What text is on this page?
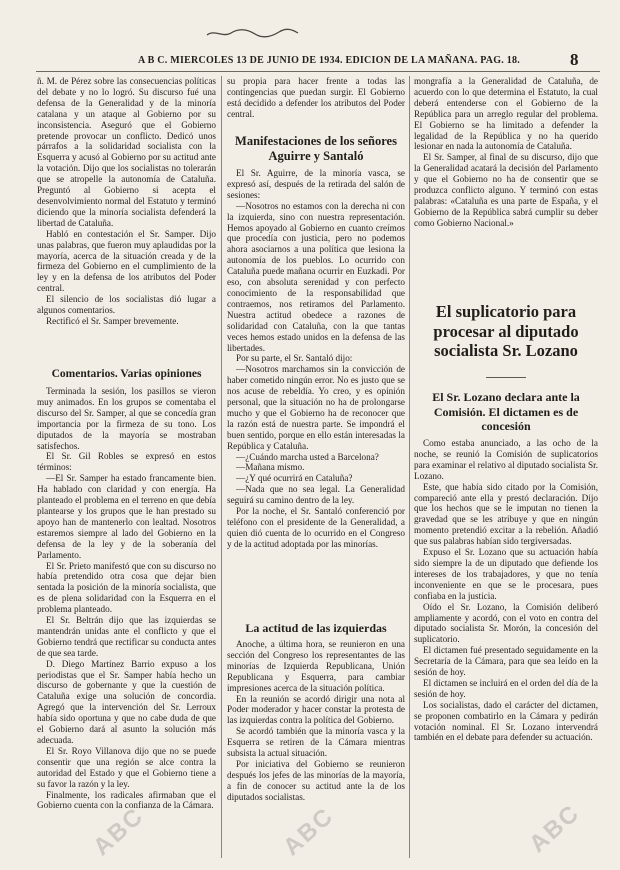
A B C. MIERCOLES 13 DE JUNIO DE 1934. EDICION DE LA MAÑANA. PAG. 18.	8

ñ. M. de Pérez sobre las consecuencias políticas del debate y no lo logró. Su discurso fué una defensa de la Generalidad y de la minoría catalana y un ataque al Gobierno por su inconsistencia. Aseguró que el Gobierno pretende provocar un conflicto. Dedicó unos párrafos a la solidaridad socialista con la Esquerra y acusó al Gobierno por su actitud ante la votación. Dijo que los socialistas no tolerarán que se atropelle la autonomía de Cataluña. Preguntó al Gobierno si acepta el desenvolvimiento normal del Estatuto y terminó diciendo que la minoría socialista defenderá la libertad de Cataluña.

Habló en contestación el Sr. Samper. Dijo unas palabras, que fueron muy aplaudidas por la mayoría, acerca de la situación creada y de la firmeza del Gobierno en el cumplimiento de la ley y en la defensa de los atributos del Poder central.

El silencio de los socialistas dió lugar a algunos comentarios.

Rectificó el Sr. Samper brevemente.

Comentarios. Varias opiniones

Terminada la sesión, los pasillos se vieron muy animados. En los grupos se comentaba el discurso del Sr. Samper, al que se concedía gran importancia por la firmeza de su tono. Los diputados de la mayoría se mostraban satisfechos.

El Sr. Gil Robles se expresó en estos términos:

—El Sr. Samper ha estado francamente bien. Ha hablado con claridad y con energía. Ha planteado el problema en el terreno en que debía plantearse y los grupos que le han prestado su apoyo han de mantenerlo con lealtad. Nosotros estaremos siempre al lado del Gobierno en la defensa de la ley y de la soberanía del Parlamento.

El Sr. Prieto manifestó que con su discurso no había pretendido otra cosa que dejar bien sentada la posición de la minoría socialista, que es de plena solidaridad con la Esquerra en el problema planteado.

El Sr. Beltrán dijo que las izquierdas se mantendrán unidas ante el conflicto y que el Gobierno tendrá que rectificar su conducta antes de que sea tarde.

D. Diego Martínez Barrio expuso a los periodistas que el Sr. Samper había hecho un discurso de gobernante y que la cuestión de Cataluña exige una solución de concordia. Agregó que la intervención del Sr. Lerroux había sido oportuna y que no cabe duda de que el Gobierno dará al asunto la solución más adecuada.

El Sr. Royo Villanova dijo que no se puede consentir que una región se alce contra la autoridad del Estado y que el Gobierno tiene a su favor la razón y la ley.

Finalmente, los radicales afirmaban que el Gobierno cuenta con la confianza de la Cámara.

su propia para hacer frente a todas las contingencias que puedan surgir. El Gobierno está decidido a defender los atributos del Poder central.

Manifestaciones de los señores Aguirre y Santaló

El Sr. Aguirre, de la minoría vasca, se expresó así, después de la retirada del salón de sesiones:

—Nosotros no estamos con la derecha ni con la izquierda, sino con nuestra representación. Hemos apoyado al Gobierno en cuanto creímos que procedía con justicia, pero no podemos ahora asociarnos a una política que lesiona la autonomía de los pueblos. Lo ocurrido con Cataluña puede mañana ocurrir en Euzkadi. Por eso, con absoluta serenidad y con perfecto conocimiento de la responsabilidad que contraemos, nos retiramos del Parlamento. Nuestra actitud obedece a razones de solidaridad con Cataluña, con la que tantas veces hemos estado unidos en la defensa de las libertades.

Por su parte, el Sr. Santaló dijo:

—Nosotros marchamos sin la convicción de haber cometido ningún error. No es justo que se nos acuse de rebeldía. Yo creo, y es opinión personal, que la situación no ha de prolongarse mucho y que el Gobierno ha de reconocer que la razón está de nuestra parte. Se impondrá el buen sentido, porque en ello están interesadas la República y Cataluña.

—¿Cuándo marcha usted a Barcelona?

—Mañana mismo.

—¿Y qué ocurrirá en Cataluña?

—Nada que no sea legal. La Generalidad seguirá su camino dentro de la ley.

Por la noche, el Sr. Santaló conferenció por teléfono con el presidente de la Generalidad, a quien dió cuenta de lo ocurrido en el Congreso y de la actitud adoptada por las minorías.

La actitud de las izquierdas

Anoche, a última hora, se reunieron en una sección del Congreso los representantes de las minorías de Izquierda Republicana, Unión Republicana y Esquerra, para cambiar impresiones acerca de la situación política.

En la reunión se acordó dirigir una nota al Poder moderador y hacer constar la protesta de las izquierdas contra la política del Gobierno.

Se acordó también que la minoría vasca y la Esquerra se retiren de la Cámara mientras subsista la actual situación.

Por iniciativa del Gobierno se reunieron después los jefes de las minorías de la mayoría, a fin de conocer su actitud ante la de los diputados socialistas.

mongrafía a la Generalidad de Cataluña, de acuerdo con lo que determina el Estatuto, la cual deberá entenderse con el Gobierno de la República para un arreglo regular del problema. El Gobierno se ha limitado a defender la legalidad de la República y no ha querido lesionar en nada la autonomía de Cataluña.

El Sr. Samper, al final de su discurso, dijo que la Generalidad acatará la decisión del Parlamento y que el Gobierno no ha de consentir que se produzca conflicto alguno. Y terminó con estas palabras: «Cataluña es una parte de España, y el Gobierno de la República sabrá cumplir su deber como Gobierno Nacional.»

El suplicatorio para procesar al diputado socialista Sr. Lozano
El Sr. Lozano declara ante la Comisión. El dictamen es de concesión

Como estaba anunciado, a las ocho de la noche, se reunió la Comisión de suplicatorios para examinar el relativo al diputado socialista Sr. Lozano.

Este, que había sido citado por la Comisión, compareció ante ella y prestó declaración. Dijo que los hechos que se le imputan no tienen la gravedad que se les atribuye y que en ningún momento pretendió excitar a la rebelión. Añadió que sus palabras habían sido tergiversadas.

Expuso el Sr. Lozano que su actuación había sido siempre la de un diputado que defiende los intereses de los trabajadores, y que no tenía inconveniente en que se le procesara, pues confiaba en la justicia.

Oído el Sr. Lozano, la Comisión deliberó ampliamente y acordó, con el voto en contra del diputado socialista Sr. Morón, la concesión del suplicatorio.

El dictamen fué presentado seguidamente en la Secretaría de la Cámara, para que sea leído en la sesión de hoy.

El dictamen se incluirá en el orden del día de la sesión de hoy.

Los socialistas, dado el carácter del dictamen, se proponen combatirlo en la Cámara y pedirán votación nominal. El Sr. Lozano intervendrá también en el debate para defender su actuación.

ABC	ABC	ABC
